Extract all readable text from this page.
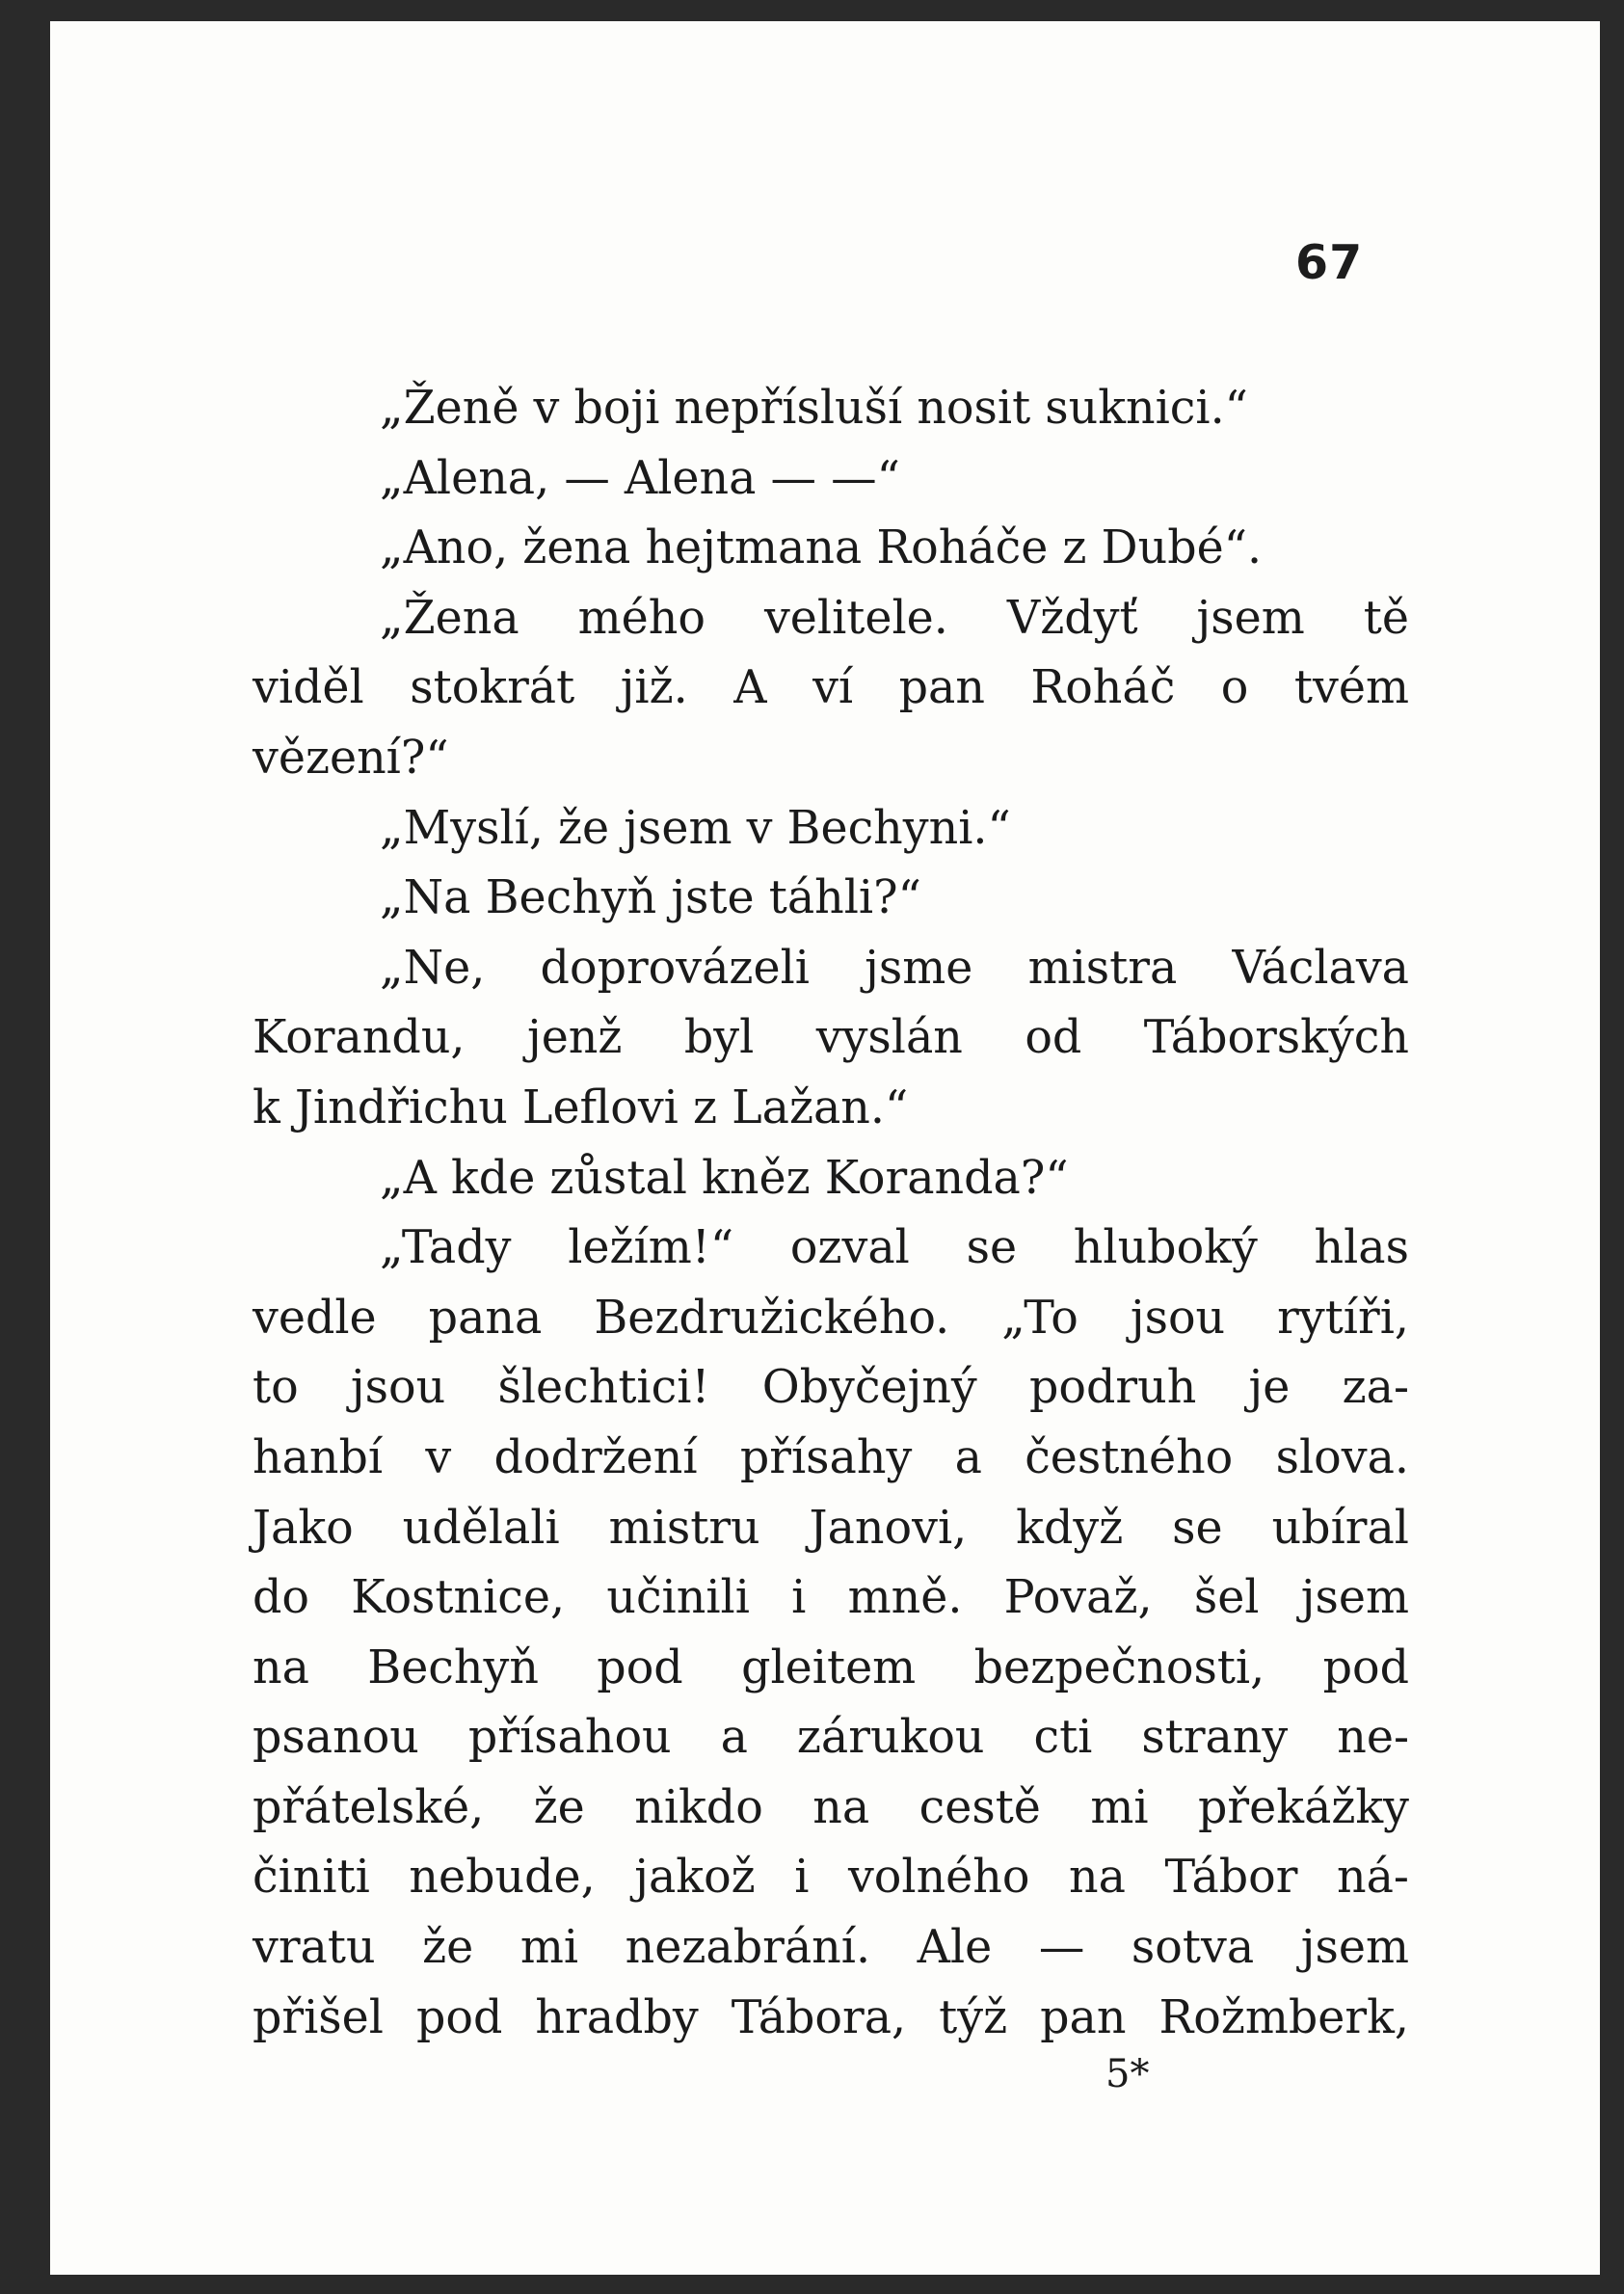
67
„Ženě v boji nepřísluší nosit suknici.“
„Alena, — Alena — —“
„Ano, žena hejtmana Roháče z Dubé“.
„Žena mého velitele. Vždyť jsem tě
viděl stokrát již. A ví pan Roháč o tvém
vězení?“
„Myslí, že jsem v Bechyni.“
„Na Bechyň jste táhli?“
„Ne, doprovázeli jsme mistra Václava
Korandu, jenž byl vyslán od Táborských
k Jindřichu Leflovi z Lažan.“
„A kde zůstal kněz Koranda?“
„Tady ležím!“ ozval se hluboký hlas
vedle pana Bezdružického. „To jsou rytíři,
to jsou šlechtici! Obyčejný podruh je za-
hanbí v dodržení přísahy a čestného slova.
Jako udělali mistru Janovi, když se ubíral
do Kostnice, učinili i mně. Považ, šel jsem
na Bechyň pod gleitem bezpečnosti, pod
psanou přísahou a zárukou cti strany ne-
přátelské, že nikdo na cestě mi překážky
činiti nebude, jakož i volného na Tábor ná-
vratu že mi nezabrání. Ale — sotva jsem
přišel pod hradby Tábora, týž pan Rožmberk,
5*
